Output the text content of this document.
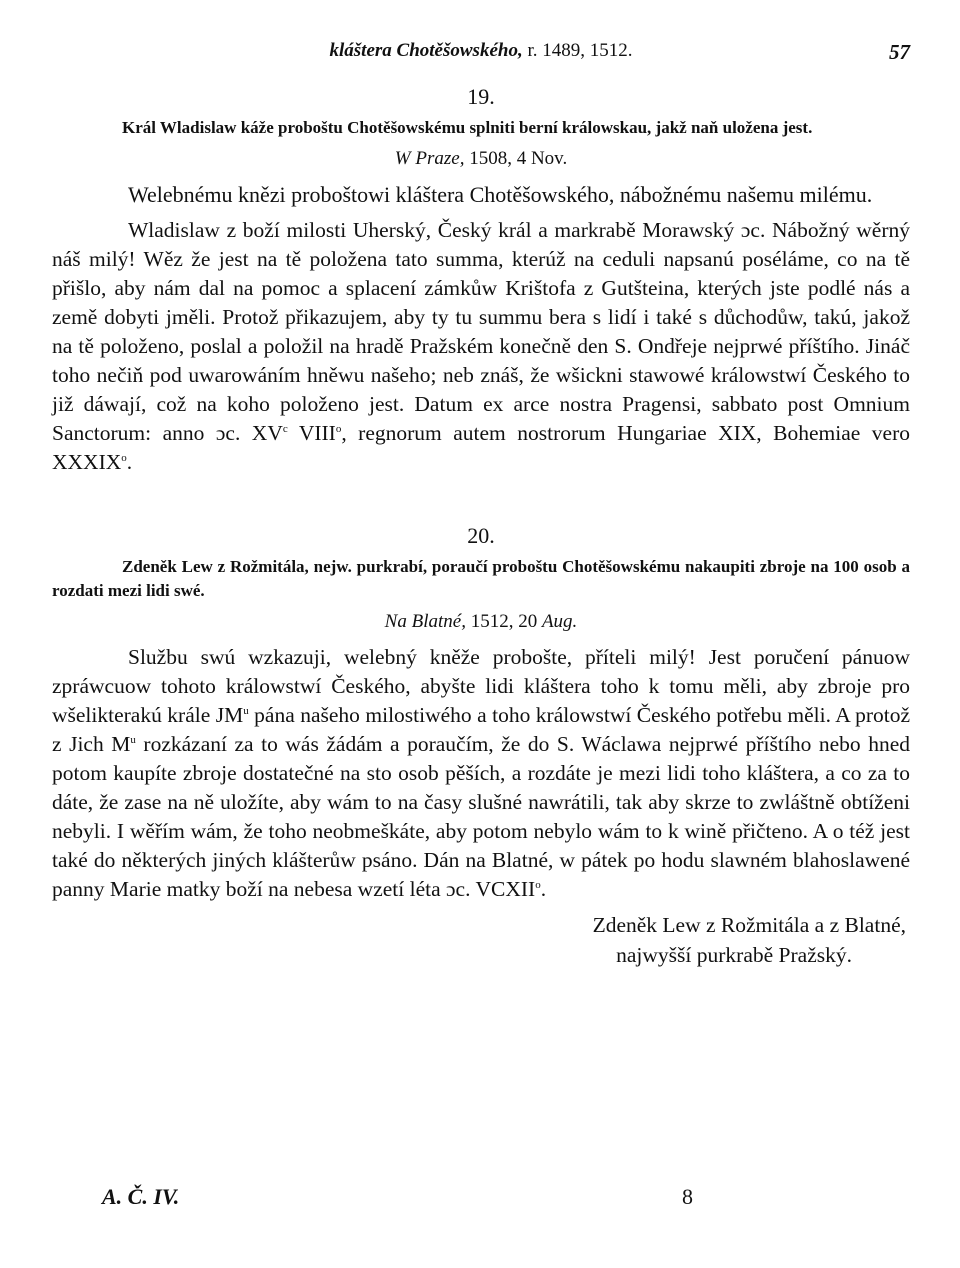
kláštera Chotěšowského, r. 1489, 1512.	57
19.

Král Wladislaw káže proboštu Chotěšowskému splniti berní králowskau, jakž naň uložena jest.

W Praze, 1508, 4 Nov.

Welebnému knězi proboštowi kláštera Chotěšowského, nábožnému našemu milému.

Wladislaw z boží milosti Uherský, Český král a markrabě Morawský ɔc. Nábožný wěrný náš milý! Wěz že jest na tě položena tato summa, kterúž na ceduli napsanú poséláme, co na tě přišlo, aby nám dal na pomoc a splacení zámkůw Krištofa z Gutšteina, kterých jste podlé nás a země dobyti jměli. Protož přikazujem, aby ty tu summu bera s lidí i také s důchodůw, takú, jakož na tě položeno, poslal a položil na hradě Pražském konečně den S. Ondřeje nejprwé příštího. Jináč toho nečiň pod uwarowáním hněwu našeho; neb znáš, že wšickni stawowé králowstwí Českého to již dáwají, což na koho položeno jest. Datum ex arce nostra Pragensi, sabbato post Omnium Sanctorum: anno ɔc. $XV^c$ VIII$^o$, regnorum autem nostrorum Hungariae XIX, Bohemiae vero XXXIX$^o$.

20.

Zdeněk Lew z Rožmitála, nejw. purkrabí, poraučí proboštu Chotěšowskému nakaupiti zbroje na 100 osob a rozdati mezi lidi swé.

Na Blatné, 1512, 20 Aug.

Službu swú wzkazuji, welebný kněže probošte, příteli milý! Jest poručení pánuow zpráwcuow tohoto králowstwí Českého, abyšte lidi kláštera toho k tomu měli, aby zbroje pro wšelikterakú krále $JM^u$ pána našeho milostiwého a toho králowstwí Českého potřebu měli. A protož z Jich $M^u$ rozkázaní za to wás žádám a poraučím, že do S. Wáclawa nejprwé příštího nebo hned potom kaupíte zbroje dostatečné na sto osob pěších, a rozdáte je mezi lidi toho kláštera, a co za to dáte, že zase na ně uložíte, aby wám to na časy slušné nawrátili, tak aby skrze to zwláštně obtíženi nebyli. I wěřím wám, že toho neobmeškáte, aby potom nebylo wám to k wině přičteno. A o též jest také do některých jiných klášterůw psáno. Dán na Blatné, w pátek po hodu slawném blahoslawené panny Marie matky boží na nebesa wzetí léta ɔc. VCXII$^o$.

Zdeněk Lew z Rožmitála a z Blatné,
najwyšší purkrabě Pražský.
A. Č. IV.	8
